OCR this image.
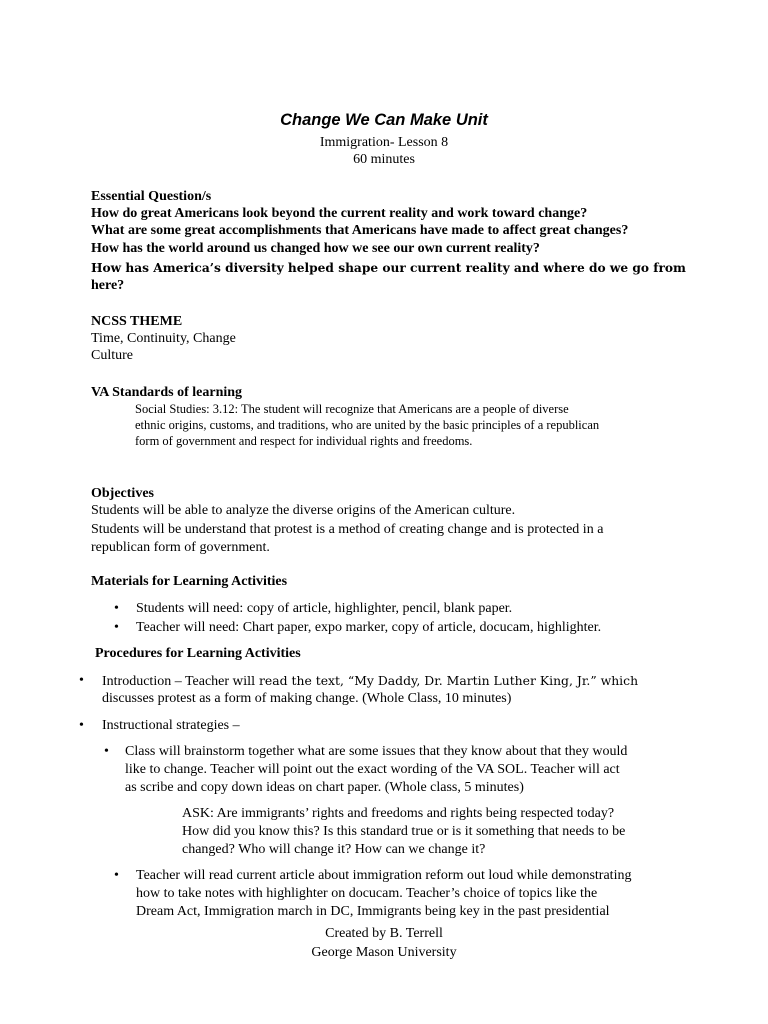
Change We Can Make Unit
Immigration- Lesson 8
60 minutes
Essential Question/s
How do great Americans look beyond the current reality and work toward change?
What are some great accomplishments that Americans have made to affect great changes?
How has the world around us changed how we see our own current reality?
How has America’s diversity helped shape our current reality and where do we go from
here?
NCSS THEME
Time, Continuity, Change
Culture
VA Standards of learning
Social Studies: 3.12: The student will recognize that Americans are a people of diverse
ethnic origins, customs, and traditions, who are united by the basic principles of a republican
form of government and respect for individual rights and freedoms.
Objectives
Students will be able to analyze the diverse origins of the American culture.
Students will be understand that protest is a method of creating change and is protected in a
republican form of government.
Materials for Learning Activities
• Students will need: copy of article, highlighter, pencil, blank paper.
• Teacher will need: Chart paper, expo marker, copy of article, docucam, highlighter.
Procedures for Learning Activities
• Introduction – Teacher will read the text, “My Daddy, Dr. Martin Luther King, Jr.” which
discusses protest as a form of making change. (Whole Class, 10 minutes)
• Instructional strategies –
• Class will brainstorm together what are some issues that they know about that they would
like to change. Teacher will point out the exact wording of the VA SOL. Teacher will act
as scribe and copy down ideas on chart paper. (Whole class, 5 minutes)
ASK: Are immigrants’ rights and freedoms and rights being respected today?
How did you know this? Is this standard true or is it something that needs to be
changed? Who will change it? How can we change it?
• Teacher will read current article about immigration reform out loud while demonstrating
how to take notes with highlighter on docucam. Teacher’s choice of topics like the
Dream Act, Immigration march in DC, Immigrants being key in the past presidential
Created by B. Terrell
George Mason University
